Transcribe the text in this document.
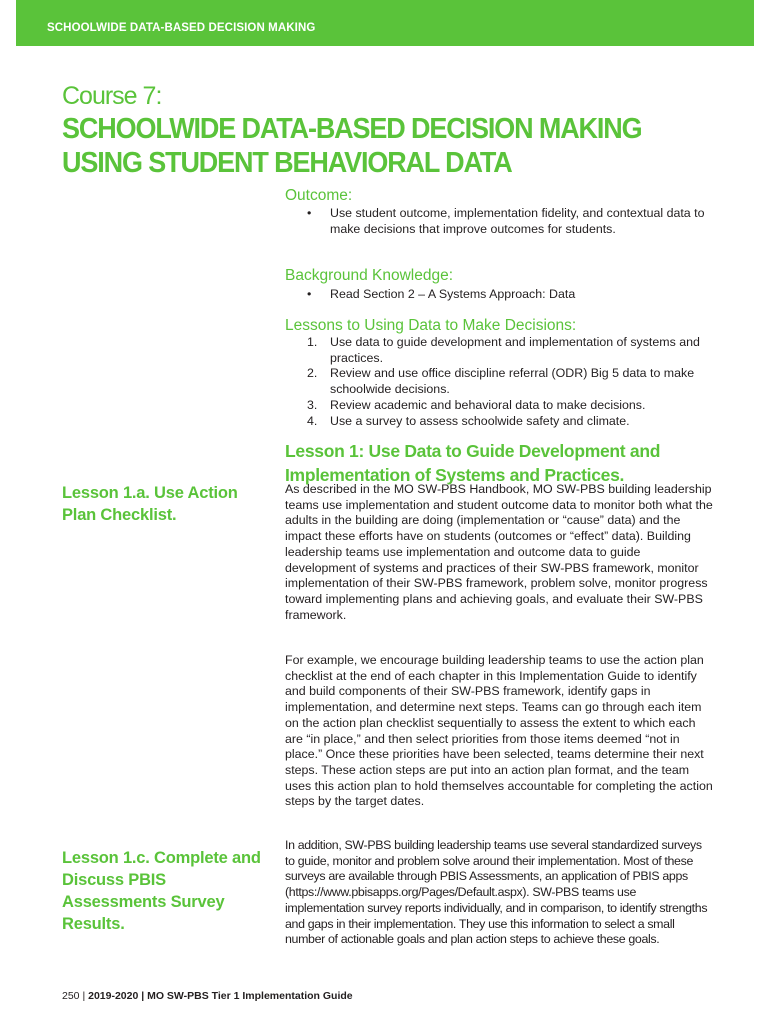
SCHOOLWIDE DATA-BASED DECISION MAKING
Course 7:
SCHOOLWIDE DATA-BASED DECISION MAKING
USING STUDENT BEHAVIORAL DATA
Outcome:
• Use student outcome, implementation fidelity, and contextual data to make decisions that improve outcomes for students.
Background Knowledge:
• Read Section 2 – A Systems Approach: Data
Lessons to Using Data to Make Decisions:
1. Use data to guide development and implementation of systems and practices.
2. Review and use office discipline referral (ODR) Big 5 data to make schoolwide decisions.
3. Review academic and behavioral data to make decisions.
4. Use a survey to assess schoolwide safety and climate.
Lesson 1: Use Data to Guide Development and
Implementation of Systems and Practices.
Lesson 1.a. Use Action Plan Checklist.
Lesson 1.c. Complete and Discuss PBIS Assessments Survey Results.
As described in the MO SW-PBS Handbook, MO SW-PBS building leadership teams use implementation and student outcome data to monitor both what the adults in the building are doing (implementation or “cause” data) and the impact these efforts have on students (outcomes or “effect” data). Building leadership teams use implementation and outcome data to guide development of systems and practices of their SW-PBS framework, monitor implementation of their SW-PBS framework, problem solve, monitor progress toward implementing plans and achieving goals, and evaluate their SW-PBS framework.
For example, we encourage building leadership teams to use the action plan checklist at the end of each chapter in this Implementation Guide to identify and build components of their SW-PBS framework, identify gaps in implementation, and determine next steps. Teams can go through each item on the action plan checklist sequentially to assess the extent to which each are “in place,” and then select priorities from those items deemed “not in place.” Once these priorities have been selected, teams determine their next steps. These action steps are put into an action plan format, and the team uses this action plan to hold themselves accountable for completing the action steps by the target dates.
In addition, SW-PBS building leadership teams use several standardized surveys to guide, monitor and problem solve around their implementation. Most of these surveys are available through PBIS Assessments, an application of PBIS apps (https://www.pbisapps.org/Pages/Default.aspx). SW-PBS teams use implementation survey reports individually, and in comparison, to identify strengths and gaps in their implementation. They use this information to select a small number of actionable goals and plan action steps to achieve these goals.
250 | 2019-2020 | MO SW-PBS Tier 1 Implementation Guide
